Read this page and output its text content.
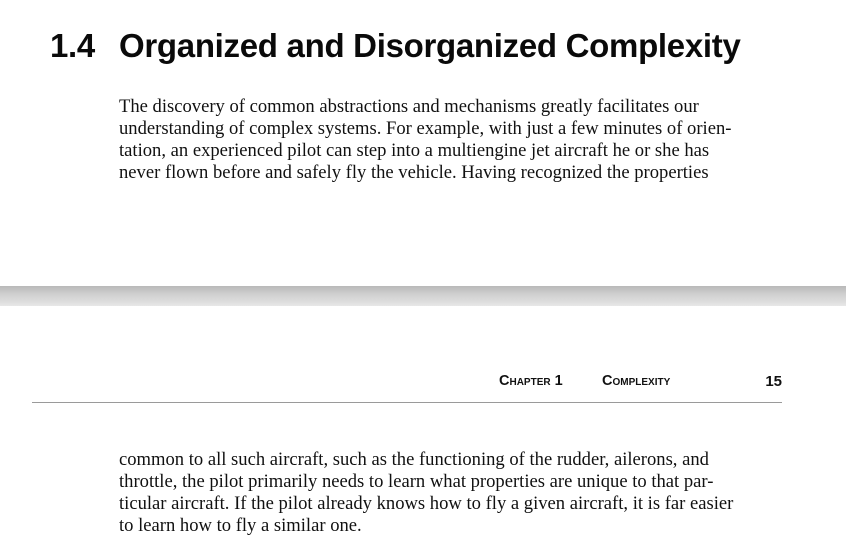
1.4 Organized and Disorganized Complexity

The discovery of common abstractions and mechanisms greatly facilitates our
understanding of complex systems. For example, with just a few minutes of orien-
tation, an experienced pilot can step into a multiengine jet aircraft he or she has
never flown before and safely fly the vehicle. Having recognized the properties

Chapter 1	Complexity	15

common to all such aircraft, such as the functioning of the rudder, ailerons, and
throttle, the pilot primarily needs to learn what properties are unique to that par-
ticular aircraft. If the pilot already knows how to fly a given aircraft, it is far easier
to learn how to fly a similar one.
